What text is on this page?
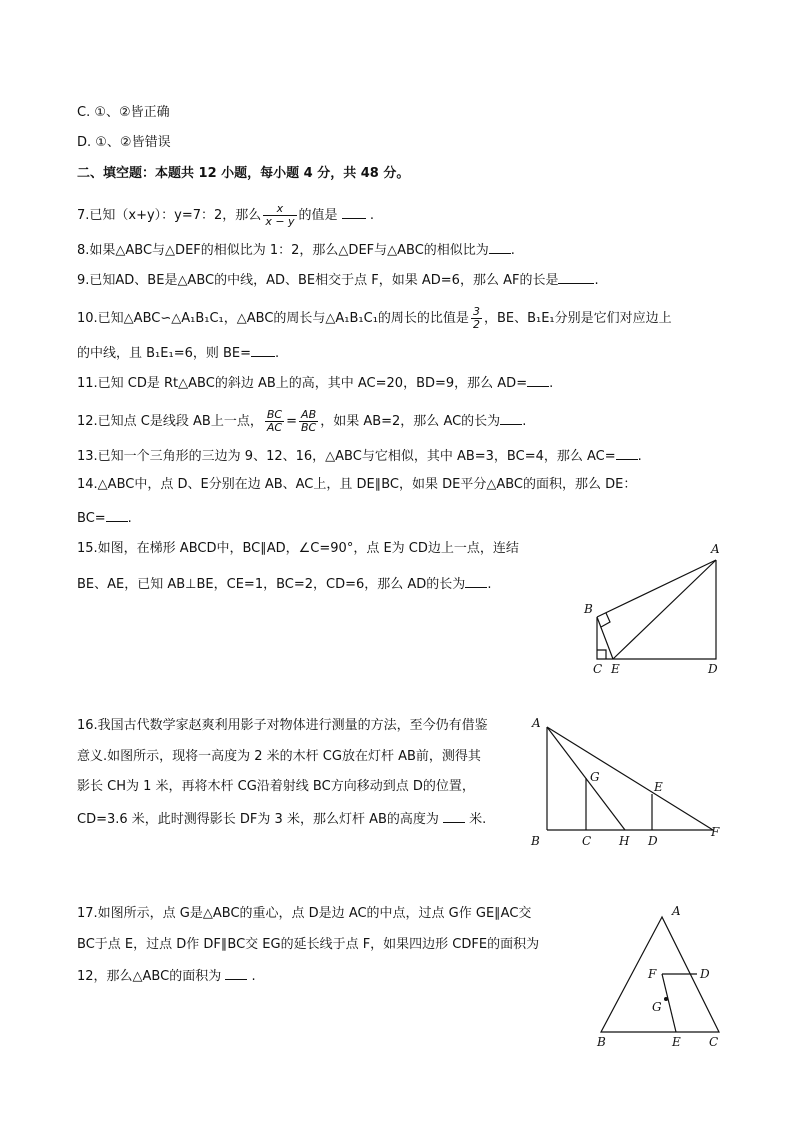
C. ①、②皆正确
D. ①、②皆错误
二、填空题：本题共 12 小题，每小题 4 分，共 48 分。
7.已知（x+y）：y=7：2，那么 $\frac{x}{x - y}$ 的值是 .
8.如果△ABC与△DEF的相似比为 1：2，那么△DEF与△ABC的相似比为 .
9.已知AD、BE是△ABC的中线，AD、BE相交于点 F，如果 AD=6，那么 AF的长是	.
10.已知△ABC∽△A₁B₁C₁，△ABC的周长与△A₁B₁C₁的周长的比值是 $\frac{3}{2}$ ，BE、B₁E₁分别是它们对应边上
的中线，且 B₁E₁=6，则 BE= .
11.已知 CD是 Rt△ABC的斜边 AB上的高，其中 AC=20，BD=9，那么 AD= .
12.已知点 C是线段 AB上一点， $\frac{BC}{AC} = \frac{AB}{BC}$ ，如果 AB=2，那么 AC的长为 .
13.已知一个三角形的三边为 9、12、16，△ABC与它相似，其中 AB=3，BC=4，那么 AC= .
14.△ABC中，点 D、E分别在边 AB、AC上，且 DE∥BC，如果 DE平分△ABC的面积，那么 DE：
BC= .
15.如图，在梯形 ABCD中，BC∥AD，∠C=90°，点 E为 CD边上一点，连结
BE、AE，已知 AB⊥BE，CE=1，BC=2，CD=6，那么 AD的长为 .
A
B
C E	D
A
G
E
B	C H D
F
A
F	D
G
B	E C
16.我国古代数学家赵爽利用影子对物体进行测量的方法，至今仍有借鉴
意义.如图所示，现将一高度为 2 米的木杆 CG放在灯杆 AB前，测得其
影长 CH为 1 米，再将木杆 CG沿着射线 BC方向移动到点 D的位置，
CD=3.6 米，此时测得影长 DF为 3 米，那么灯杆 AB的高度为 米.
17.如图所示，点 G是△ABC的重心，点 D是边 AC的中点，过点 G作 GE∥AC交
BC于点 E，过点 D作 DF∥BC交 EG的延长线于点 F，如果四边形 CDFE的面积为
12，那么△ABC的面积为 .
